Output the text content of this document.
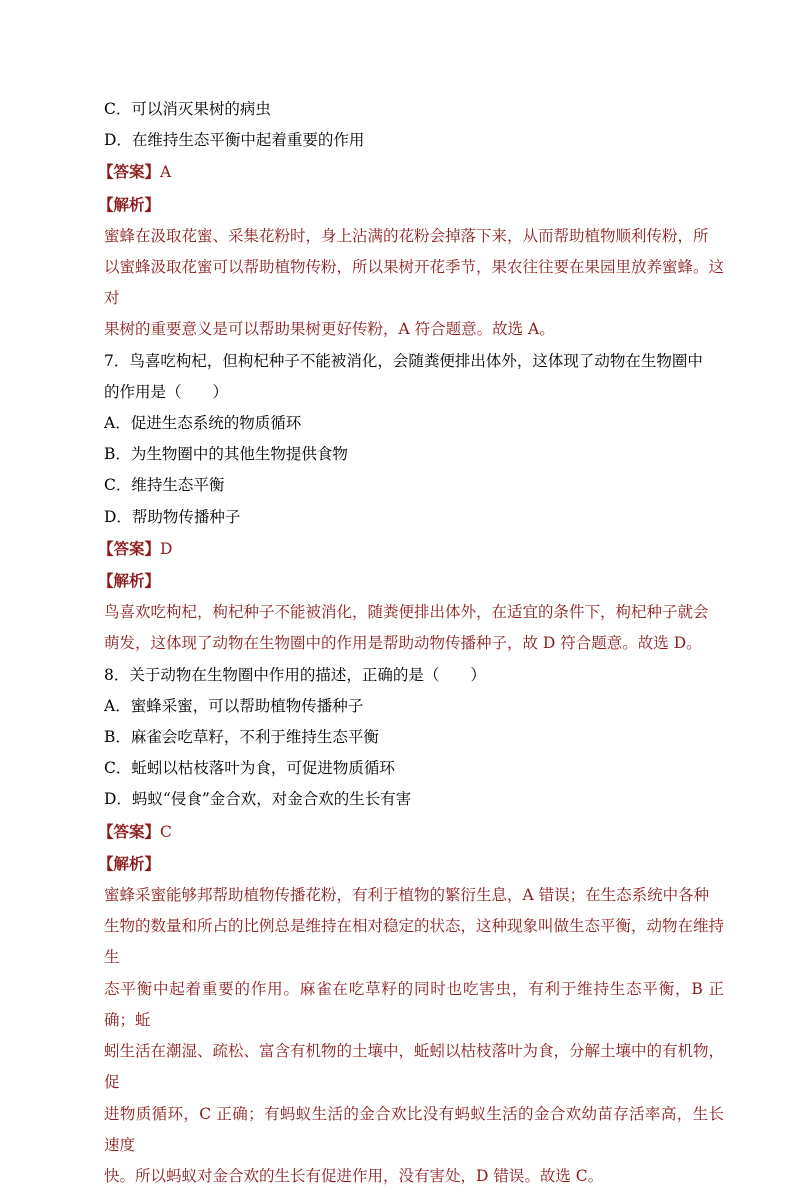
C．可以消灭果树的病虫
D．在维持生态平衡中起着重要的作用
【答案】A
【解析】
蜜蜂在汲取花蜜、采集花粉时，身上沾满的花粉会掉落下来，从而帮助植物顺利传粉，所
以蜜蜂汲取花蜜可以帮助植物传粉，所以果树开花季节，果农往往要在果园里放养蜜蜂。这对
果树的重要意义是可以帮助果树更好传粉，A 符合题意。故选 A。
7．鸟喜吃枸杞，但枸杞种子不能被消化，会随粪便排出体外，这体现了动物在生物圈中
的作用是（　　）
A．促进生态系统的物质循环
B．为生物圈中的其他生物提供食物
C．维持生态平衡
D．帮助物传播种子
【答案】D
【解析】
鸟喜欢吃枸杞，枸杞种子不能被消化，随粪便排出体外，在适宜的条件下，枸杞种子就会
萌发，这体现了动物在生物圈中的作用是帮助动物传播种子，故 D 符合题意。故选 D。
8．关于动物在生物圈中作用的描述，正确的是（　　）
A．蜜蜂采蜜，可以帮助植物传播种子
B．麻雀会吃草籽，不利于维持生态平衡
C．蚯蚓以枯枝落叶为食，可促进物质循环
D．蚂蚁“侵食”金合欢，对金合欢的生长有害
【答案】C
【解析】
蜜蜂采蜜能够邦帮助植物传播花粉，有利于植物的繁衍生息，A 错误；在生态系统中各种
生物的数量和所占的比例总是维持在相对稳定的状态，这种现象叫做生态平衡，动物在维持生
态平衡中起着重要的作用。麻雀在吃草籽的同时也吃害虫，有利于维持生态平衡，B 正确；蚯
蚓生活在潮湿、疏松、富含有机物的土壤中，蚯蚓以枯枝落叶为食，分解土壤中的有机物，促
进物质循环，C 正确；有蚂蚁生活的金合欢比没有蚂蚁生活的金合欢幼苗存活率高，生长速度
快。所以蚂蚁对金合欢的生长有促进作用，没有害处，D 错误。故选 C。
